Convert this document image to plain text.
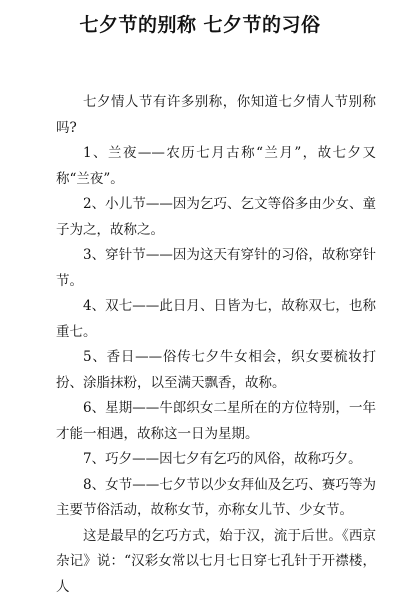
七夕节的别称 七夕节的习俗

七夕情人节有许多别称，你知道七夕情人节别称吗?

1、兰夜——农历七月古称“兰月”，故七夕又称“兰夜”。

2、小儿节——因为乞巧、乞文等俗多由少女、童子为之，故称之。

3、穿针节——因为这天有穿针的习俗，故称穿针节。

4、双七——此日月、日皆为七，故称双七，也称重七。

5、香日——俗传七夕牛女相会，织女要梳妆打扮、涂脂抹粉，以至满天飘香，故称。

6、星期——牛郎织女二星所在的方位特别，一年才能一相遇，故称这一日为星期。

7、巧夕——因七夕有乞巧的风俗，故称巧夕。

8、女节——七夕节以少女拜仙及乞巧、赛巧等为主要节俗活动，故称女节，亦称女儿节、少女节。

这是最早的乞巧方式，始于汉，流于后世。《西京杂记》说：“汉彩女常以七月七日穿七孔针于开襟楼，人
